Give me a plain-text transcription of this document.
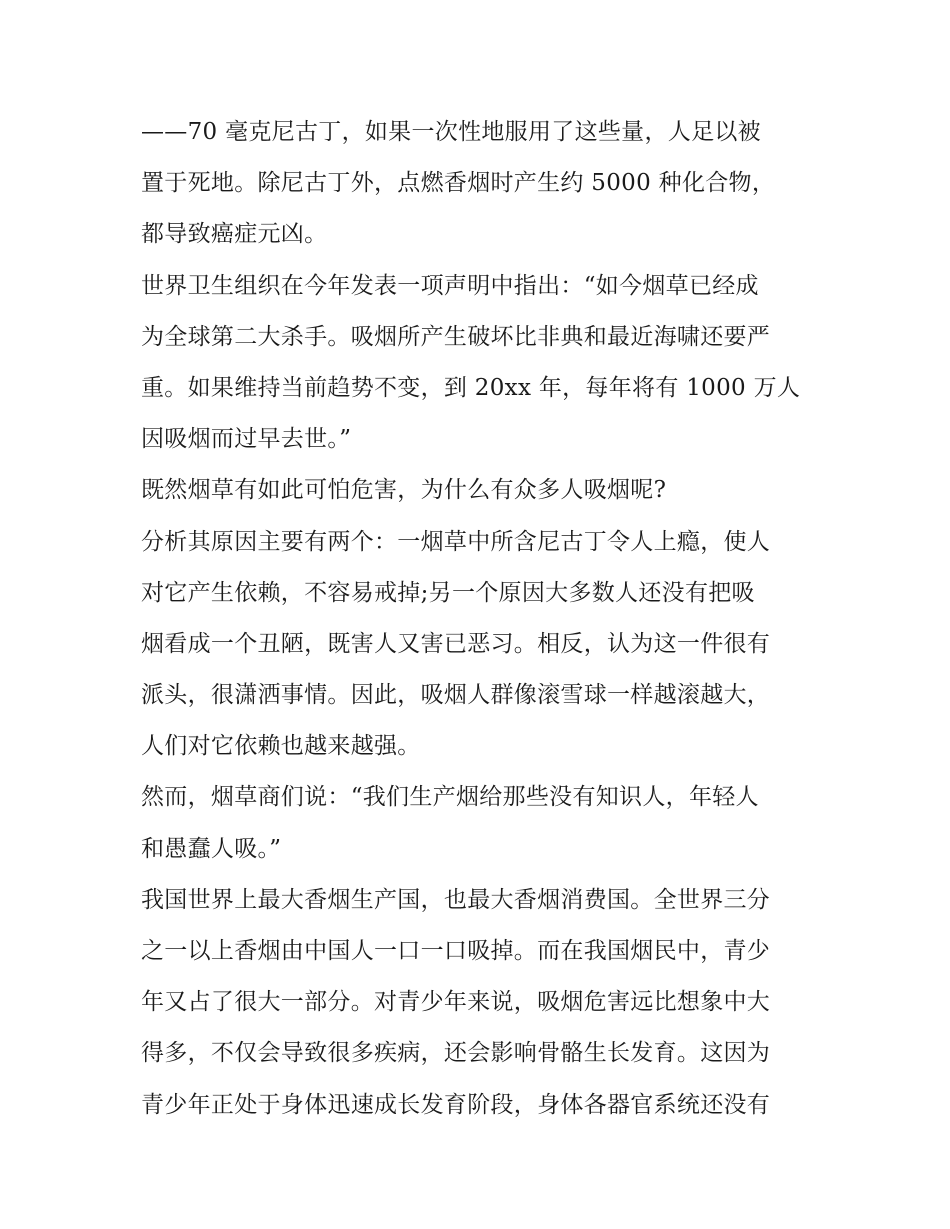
——70 毫克尼古丁，如果一次性地服用了这些量，人足以被
置于死地。除尼古丁外，点燃香烟时产生约 5000 种化合物，
都导致癌症元凶。
世界卫生组织在今年发表一项声明中指出：“如今烟草已经成
为全球第二大杀手。吸烟所产生破坏比非典和最近海啸还要严
重。如果维持当前趋势不变，到 20xx 年，每年将有 1000 万人
因吸烟而过早去世。”
既然烟草有如此可怕危害，为什么有众多人吸烟呢?
分析其原因主要有两个：一烟草中所含尼古丁令人上瘾，使人
对它产生依赖，不容易戒掉;另一个原因大多数人还没有把吸
烟看成一个丑陋，既害人又害已恶习。相反，认为这一件很有
派头，很潇洒事情。因此，吸烟人群像滚雪球一样越滚越大，
人们对它依赖也越来越强。
然而，烟草商们说：“我们生产烟给那些没有知识人，年轻人
和愚蠢人吸。”
我国世界上最大香烟生产国，也最大香烟消费国。全世界三分
之一以上香烟由中国人一口一口吸掉。而在我国烟民中，青少
年又占了很大一部分。对青少年来说，吸烟危害远比想象中大
得多，不仅会导致很多疾病，还会影响骨骼生长发育。这因为
青少年正处于身体迅速成长发育阶段，身体各器官系统还没有
